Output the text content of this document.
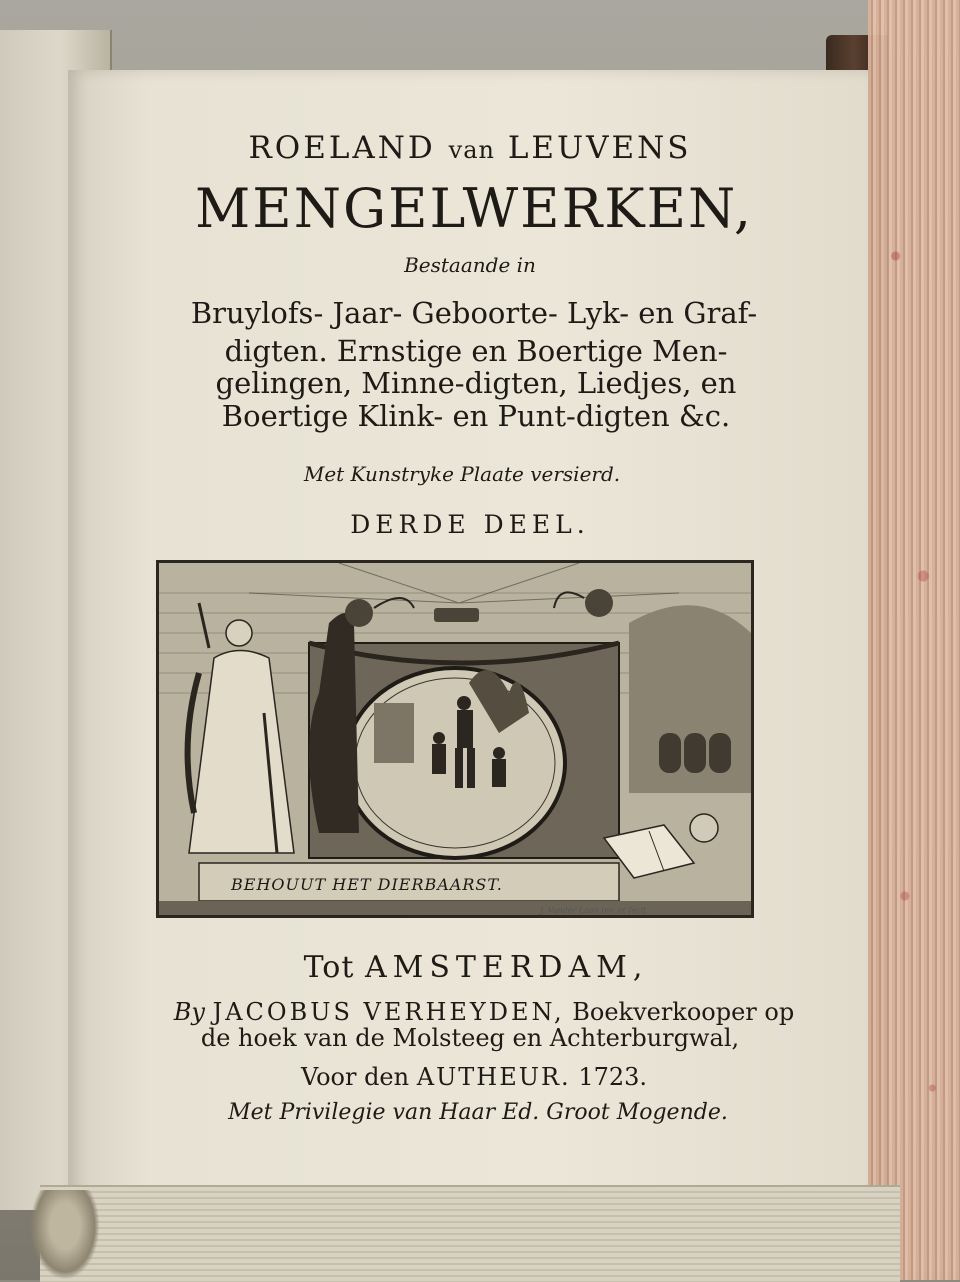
ROELAND van LEUVENS

MENGELWERKEN,

Bestaande in

Bruylofs- Jaar- Geboorte- Lyk- en Graf-

digten. Ernstige en Boertige Men-

gelingen, Minne-digten, Liedjes, en

Boertige Klink- en Punt-digten &c.

Met Kunstryke Plaate versierd.

DERDE DEEL.

BEHOUUT HET DIERBAARST.
J. Vander Laan inv. et fecit

Tot AMSTERDAM,

By JACOBUS VERHEYDEN, Boekverkooper op

de hoek van de Molsteeg en Achterburgwal,

Voor den AUTHEUR. 1723.

Met Privilegie van Haar Ed. Groot Mogende.
